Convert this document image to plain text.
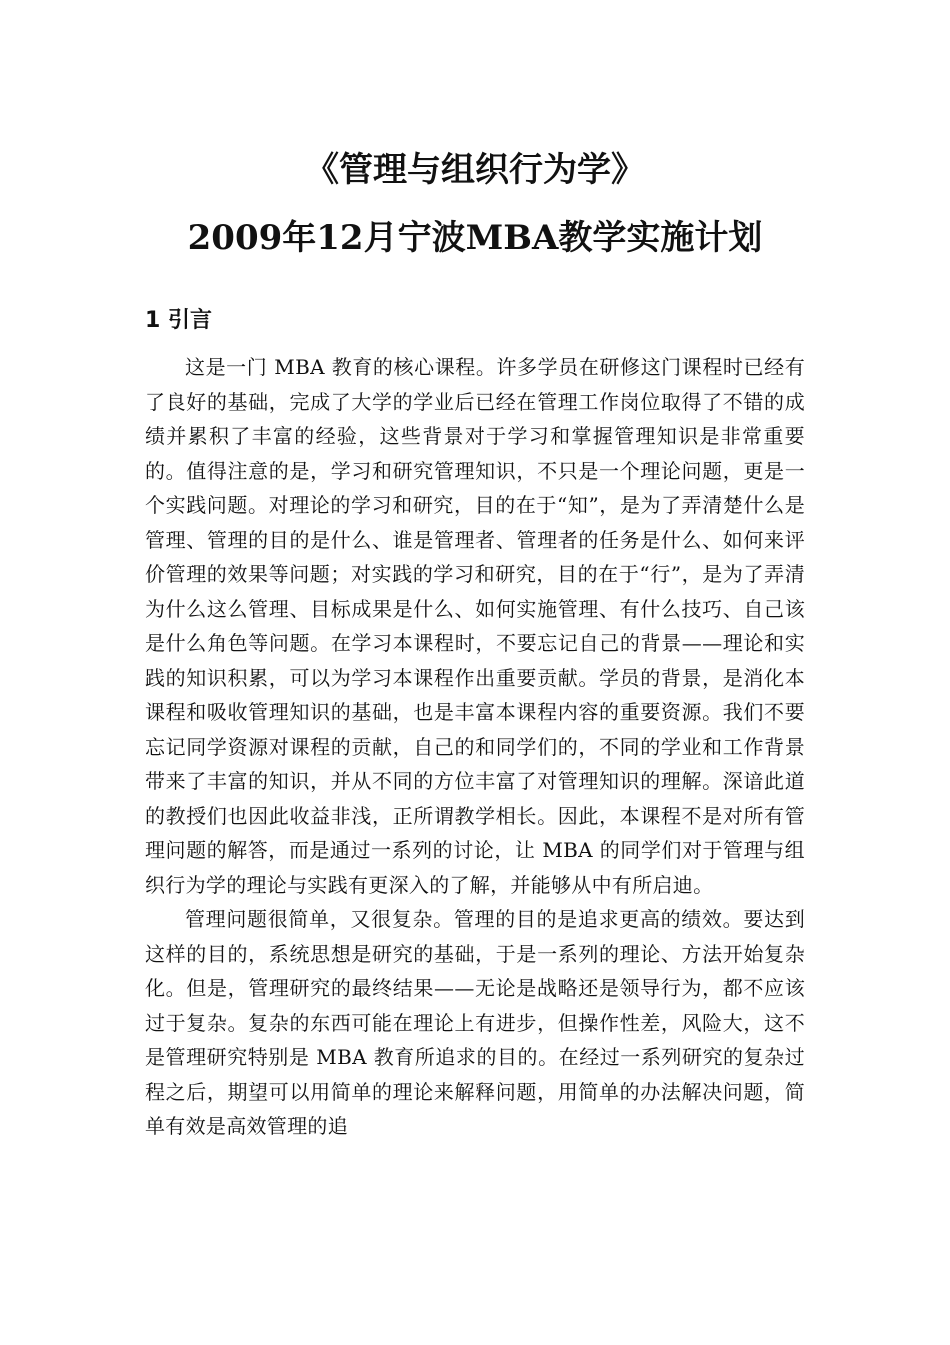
《管理与组织行为学》
2009年12月宁波MBA教学实施计划
1 引言

这是一门 MBA 教育的核心课程。许多学员在研修这门课程时已经有了良好的基础，完成了大学的学业后已经在管理工作岗位取得了不错的成绩并累积了丰富的经验，这些背景对于学习和掌握管理知识是非常重要的。值得注意的是，学习和研究管理知识，不只是一个理论问题，更是一个实践问题。对理论的学习和研究，目的在于“知”，是为了弄清楚什么是管理、管理的目的是什么、谁是管理者、管理者的任务是什么、如何来评价管理的效果等问题；对实践的学习和研究，目的在于“行”，是为了弄清为什么这么管理、目标成果是什么、如何实施管理、有什么技巧、自己该是什么角色等问题。在学习本课程时，不要忘记自己的背景——理论和实践的知识积累，可以为学习本课程作出重要贡献。学员的背景，是消化本课程和吸收管理知识的基础，也是丰富本课程内容的重要资源。我们不要忘记同学资源对课程的贡献，自己的和同学们的，不同的学业和工作背景带来了丰富的知识，并从不同的方位丰富了对管理知识的理解。深谙此道的教授们也因此收益非浅，正所谓教学相长。因此，本课程不是对所有管理问题的解答，而是通过一系列的讨论，让 MBA 的同学们对于管理与组织行为学的理论与实践有更深入的了解，并能够从中有所启迪。

管理问题很简单，又很复杂。管理的目的是追求更高的绩效。要达到这样的目的，系统思想是研究的基础，于是一系列的理论、方法开始复杂化。但是，管理研究的最终结果——无论是战略还是领导行为，都不应该过于复杂。复杂的东西可能在理论上有进步，但操作性差，风险大，这不是管理研究特别是 MBA 教育所追求的目的。在经过一系列研究的复杂过程之后，期望可以用简单的理论来解释问题，用简单的办法解决问题，简单有效是高效管理的追
